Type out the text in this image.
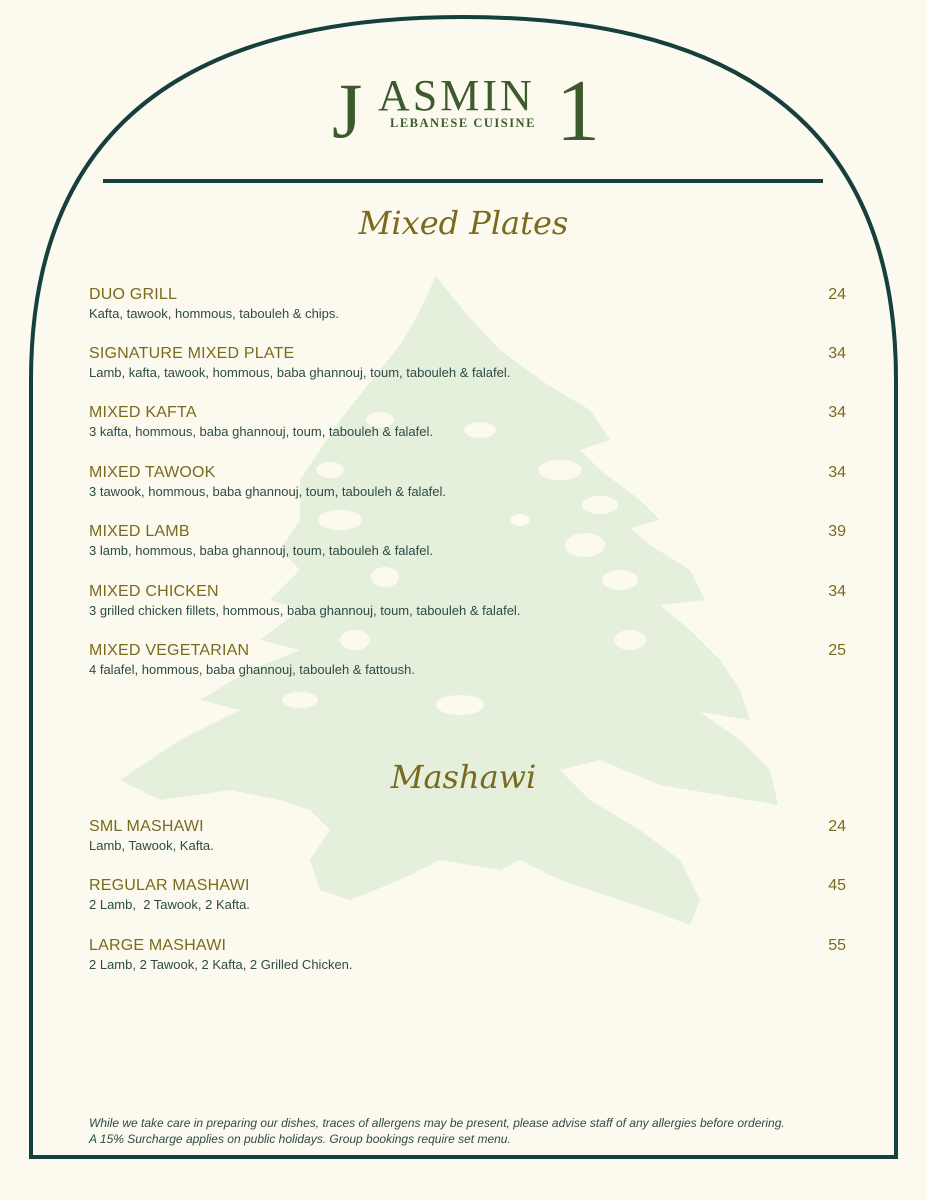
J ASMIN
LEBANESE CUISINE 1
Mixed Plates
DUO GRILL	24
Kafta, tawook, hommous, tabouleh & chips.
SIGNATURE MIXED PLATE	34
Lamb, kafta, tawook, hommous, baba ghannouj, toum, tabouleh & falafel.
MIXED KAFTA	34
3 kafta, hommous, baba ghannouj, toum, tabouleh & falafel.
MIXED TAWOOK	34
3 tawook, hommous, baba ghannouj, toum, tabouleh & falafel.
MIXED LAMB	39
3 lamb, hommous, baba ghannouj, toum, tabouleh & falafel.
MIXED CHICKEN	34
3 grilled chicken fillets, hommous, baba ghannouj, toum, tabouleh & falafel.
MIXED VEGETARIAN	25
4 falafel, hommous, baba ghannouj, tabouleh & fattoush.
Mashawi
SML MASHAWI	24
Lamb, Tawook, Kafta.
REGULAR MASHAWI	45
2 Lamb,  2 Tawook, 2 Kafta.
LARGE MASHAWI	55
2 Lamb, 2 Tawook, 2 Kafta, 2 Grilled Chicken.
While we take care in preparing our dishes, traces of allergens may be present, please advise staff of any allergies before ordering.
A 15% Surcharge applies on public holidays. Group bookings require set menu.
